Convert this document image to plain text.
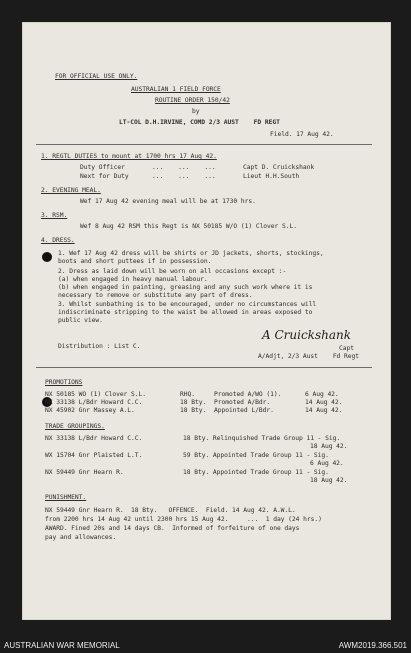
FOR OFFICIAL USE ONLY.
AUSTRALIAN 1 FIELD FORCE
ROUTINE ORDER 150/42
by
LT-COL D.H.IRVINE, COMD 2/3 AUST    FD REGT
Field. 17 Aug 42.
1. REGTL DUTIES to mount at 1700 hrs 17 Aug 42.
Duty Officer	...    ...    ...	Capt D. Cruickshank
Next for Duty	...    ...    ...	Lieut H.H.South
2. EVENING MEAL.
Wef 17 Aug 42 evening meal will be at 1730 hrs.
3. RSM.
Wef 8 Aug 42 RSM this Regt is NX 50185 W/O (1) Clover S.L.
4. DRESS.
1. Wef 17 Aug 42 dress will be shirts or JD jackets, shorts, stockings,
boots and short puttees if in possession.
2. Dress as laid down will be worn on all occasions except :-
(a) when engaged in heavy manual labour.
(b) when engaged in painting, greasing and any such work where it is
necessary to remove or substitute any part of dress.
3. Whilst sunbathing is to be encouraged, under no circumstances will
indiscriminate stripping to the waist be allowed in areas exposed to
public view.
Distribution : List C.
A Cruickshank
Capt
A/Adjt, 2/3 Aust    Fd Regt
PROMOTIONS
NX 50185 WO (1) Clover S.L.	RHQ.	Promoted A/WO (1).	6 Aug 42.
NX 33138 L/Bdr Howard C.C.	18 Bty. Promoted A/Bdr.	14 Aug 42.
NX 45902 Gnr Massey A.L.	18 Bty. Appointed L/Bdr.	14 Aug 42.
TRADE GROUPINGS.
NX 33138 L/Bdr Howard C.C.	18 Bty. Relinquished Trade Group 11 - Sig.
18 Aug 42.
WX 15704 Gnr Plaisted L.T.	59 Bty. Appointed Trade Group 11 - Sig.
6 Aug 42.
NX 59449 Gnr Hearn R.	18 Bty. Appointed Trade Group 11 - Sig.
18 Aug 42.
PUNISHMENT.
NX 59449 Gnr Hearn R.  18 Bty.   OFFENCE.  Field. 14 Aug 42. A.W.L.
from 2200 hrs 14 Aug 42 until 2300 hrs 15 Aug 42.     ...  1 day (24 hrs.)
AWARD. Fined 20s and 14 days CB.  Informed of forfeiture of one days
pay and allowances.
AUSTRALIAN WAR MEMORIAL	AWM2019.366.501
